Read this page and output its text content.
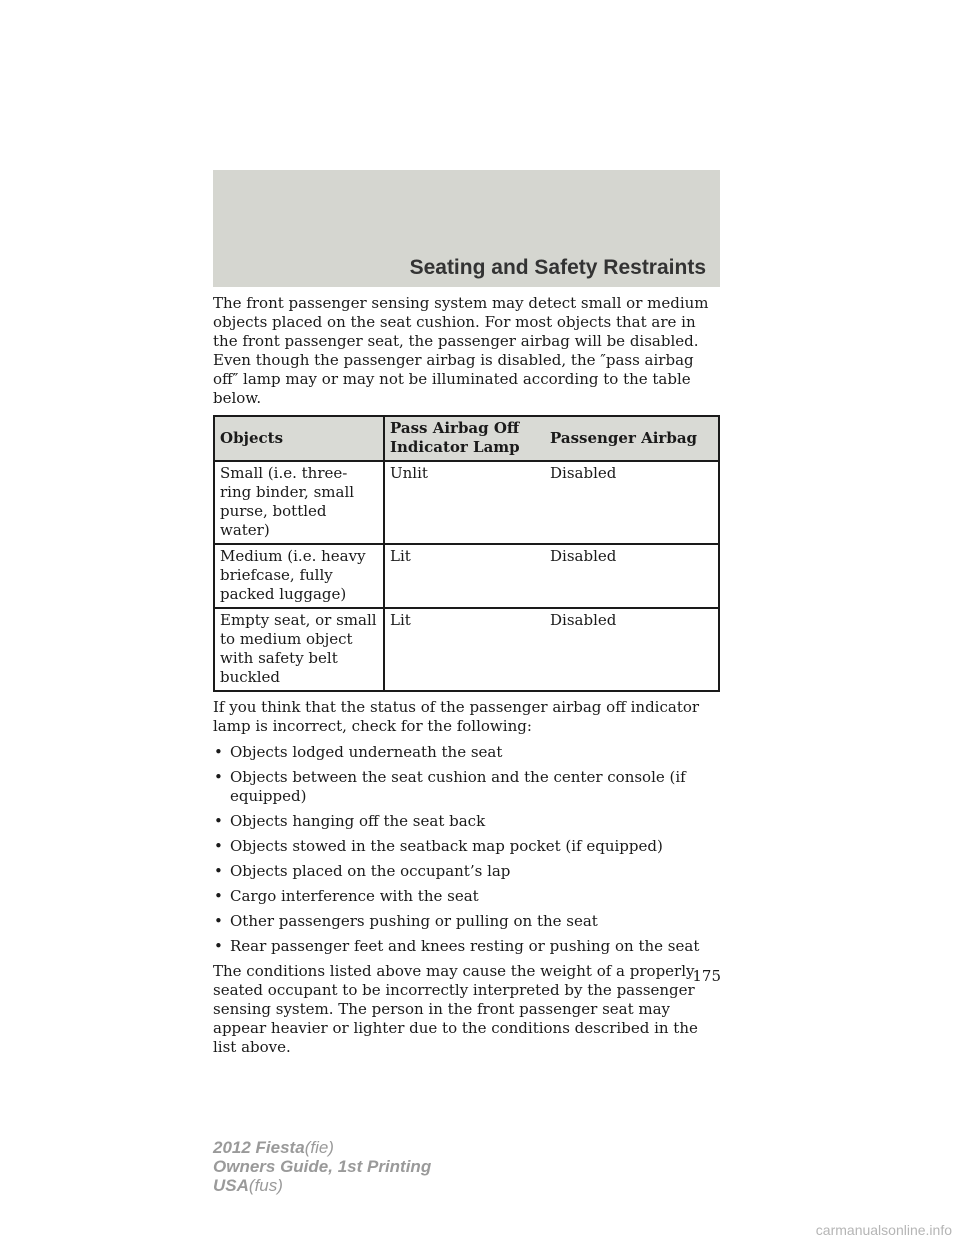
Seating and Safety Restraints

The front passenger sensing system may detect small or medium objects placed on the seat cushion. For most objects that are in the front passenger seat, the passenger airbag will be disabled. Even though the passenger airbag is disabled, the ″pass airbag off″ lamp may or may not be illuminated according to the table below.

Objects	Pass Airbag Off Indicator Lamp	Passenger Airbag
Small (i.e. three-ring binder, small purse, bottled water)	Unlit	Disabled
Medium (i.e. heavy briefcase, fully packed luggage)	Lit	Disabled
Empty seat, or small to medium object with safety belt buckled	Lit	Disabled

If you think that the status of the passenger airbag off indicator lamp is incorrect, check for the following:

• Objects lodged underneath the seat
• Objects between the seat cushion and the center console (if equipped)
• Objects hanging off the seat back
• Objects stowed in the seatback map pocket (if equipped)
• Objects placed on the occupant’s lap
• Cargo interference with the seat
• Other passengers pushing or pulling on the seat
• Rear passenger feet and knees resting or pushing on the seat

The conditions listed above may cause the weight of a properly seated occupant to be incorrectly interpreted by the passenger sensing system. The person in the front passenger seat may appear heavier or lighter due to the conditions described in the list above.

175
2012 Fiesta(fie)
Owners Guide, 1st Printing
USA(fus)
carmanualsonline.info
